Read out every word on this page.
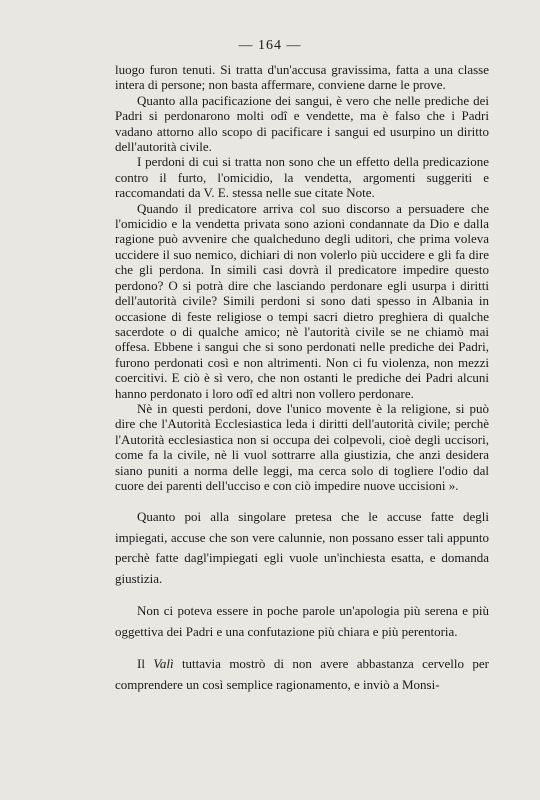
— 164 —

luogo furon tenuti. Si tratta d'un'accusa gravissima, fatta a una classe intera di persone; non basta affermare, conviene darne le prove.

Quanto alla pacificazione dei sangui, è vero che nelle prediche dei Padri si perdonarono molti odî e vendette, ma è falso che i Padri vadano attorno allo scopo di pacificare i sangui ed usurpino un diritto dell'autorità civile.

I perdoni di cui si tratta non sono che un effetto della predicazione contro il furto, l'omicidio, la vendetta, argomenti suggeriti e raccomandati da V. E. stessa nelle sue citate Note.

Quando il predicatore arriva col suo discorso a persuadere che l'omicidio e la vendetta privata sono azioni condannate da Dio e dalla ragione può avvenire che qualcheduno degli uditori, che prima voleva uccidere il suo nemico, dichiari di non volerlo più uccidere e gli fa dire che gli perdona. In simili casi dovrà il predicatore impedire questo perdono? O si potrà dire che lasciando perdonare egli usurpa i diritti dell'autorità civile? Simili perdoni si sono dati spesso in Albania in occasione di feste religiose o tempi sacri dietro preghiera di qualche sacerdote o di qualche amico; nè l'autorità civile se ne chiamò mai offesa. Ebbene i sangui che si sono perdonati nelle prediche dei Padri, furono perdonati così e non altrimenti. Non ci fu violenza, non mezzi coercitivi. E ciò è sì vero, che non ostanti le prediche dei Padri alcuni hanno perdonato i loro odî ed altri non vollero perdonare.

Nè in questi perdoni, dove l'unico movente è la religione, si può dire che l'Autorità Ecclesiastica leda i diritti dell'autorità civile; perchè l'Autorità ecclesiastica non si occupa dei colpevoli, cioè degli uccisori, come fa la civile, nè li vuol sottrarre alla giustizia, che anzi desidera siano puniti a norma delle leggi, ma cerca solo di togliere l'odio dal cuore dei parenti dell'ucciso e con ciò impedire nuove uccisioni ».

Quanto poi alla singolare pretesa che le accuse fatte degli impiegati, accuse che son vere calunnie, non possano esser tali appunto perchè fatte dagl'impiegati egli vuole un'inchiesta esatta, e domanda giustizia.

Non ci poteva essere in poche parole un'apologia più serena e più oggettiva dei Padri e una confutazione più chiara e più perentoria.

Il Valì tuttavia mostrò di non avere abbastanza cervello per comprendere un così semplice ragionamento, e inviò a Monsi-
